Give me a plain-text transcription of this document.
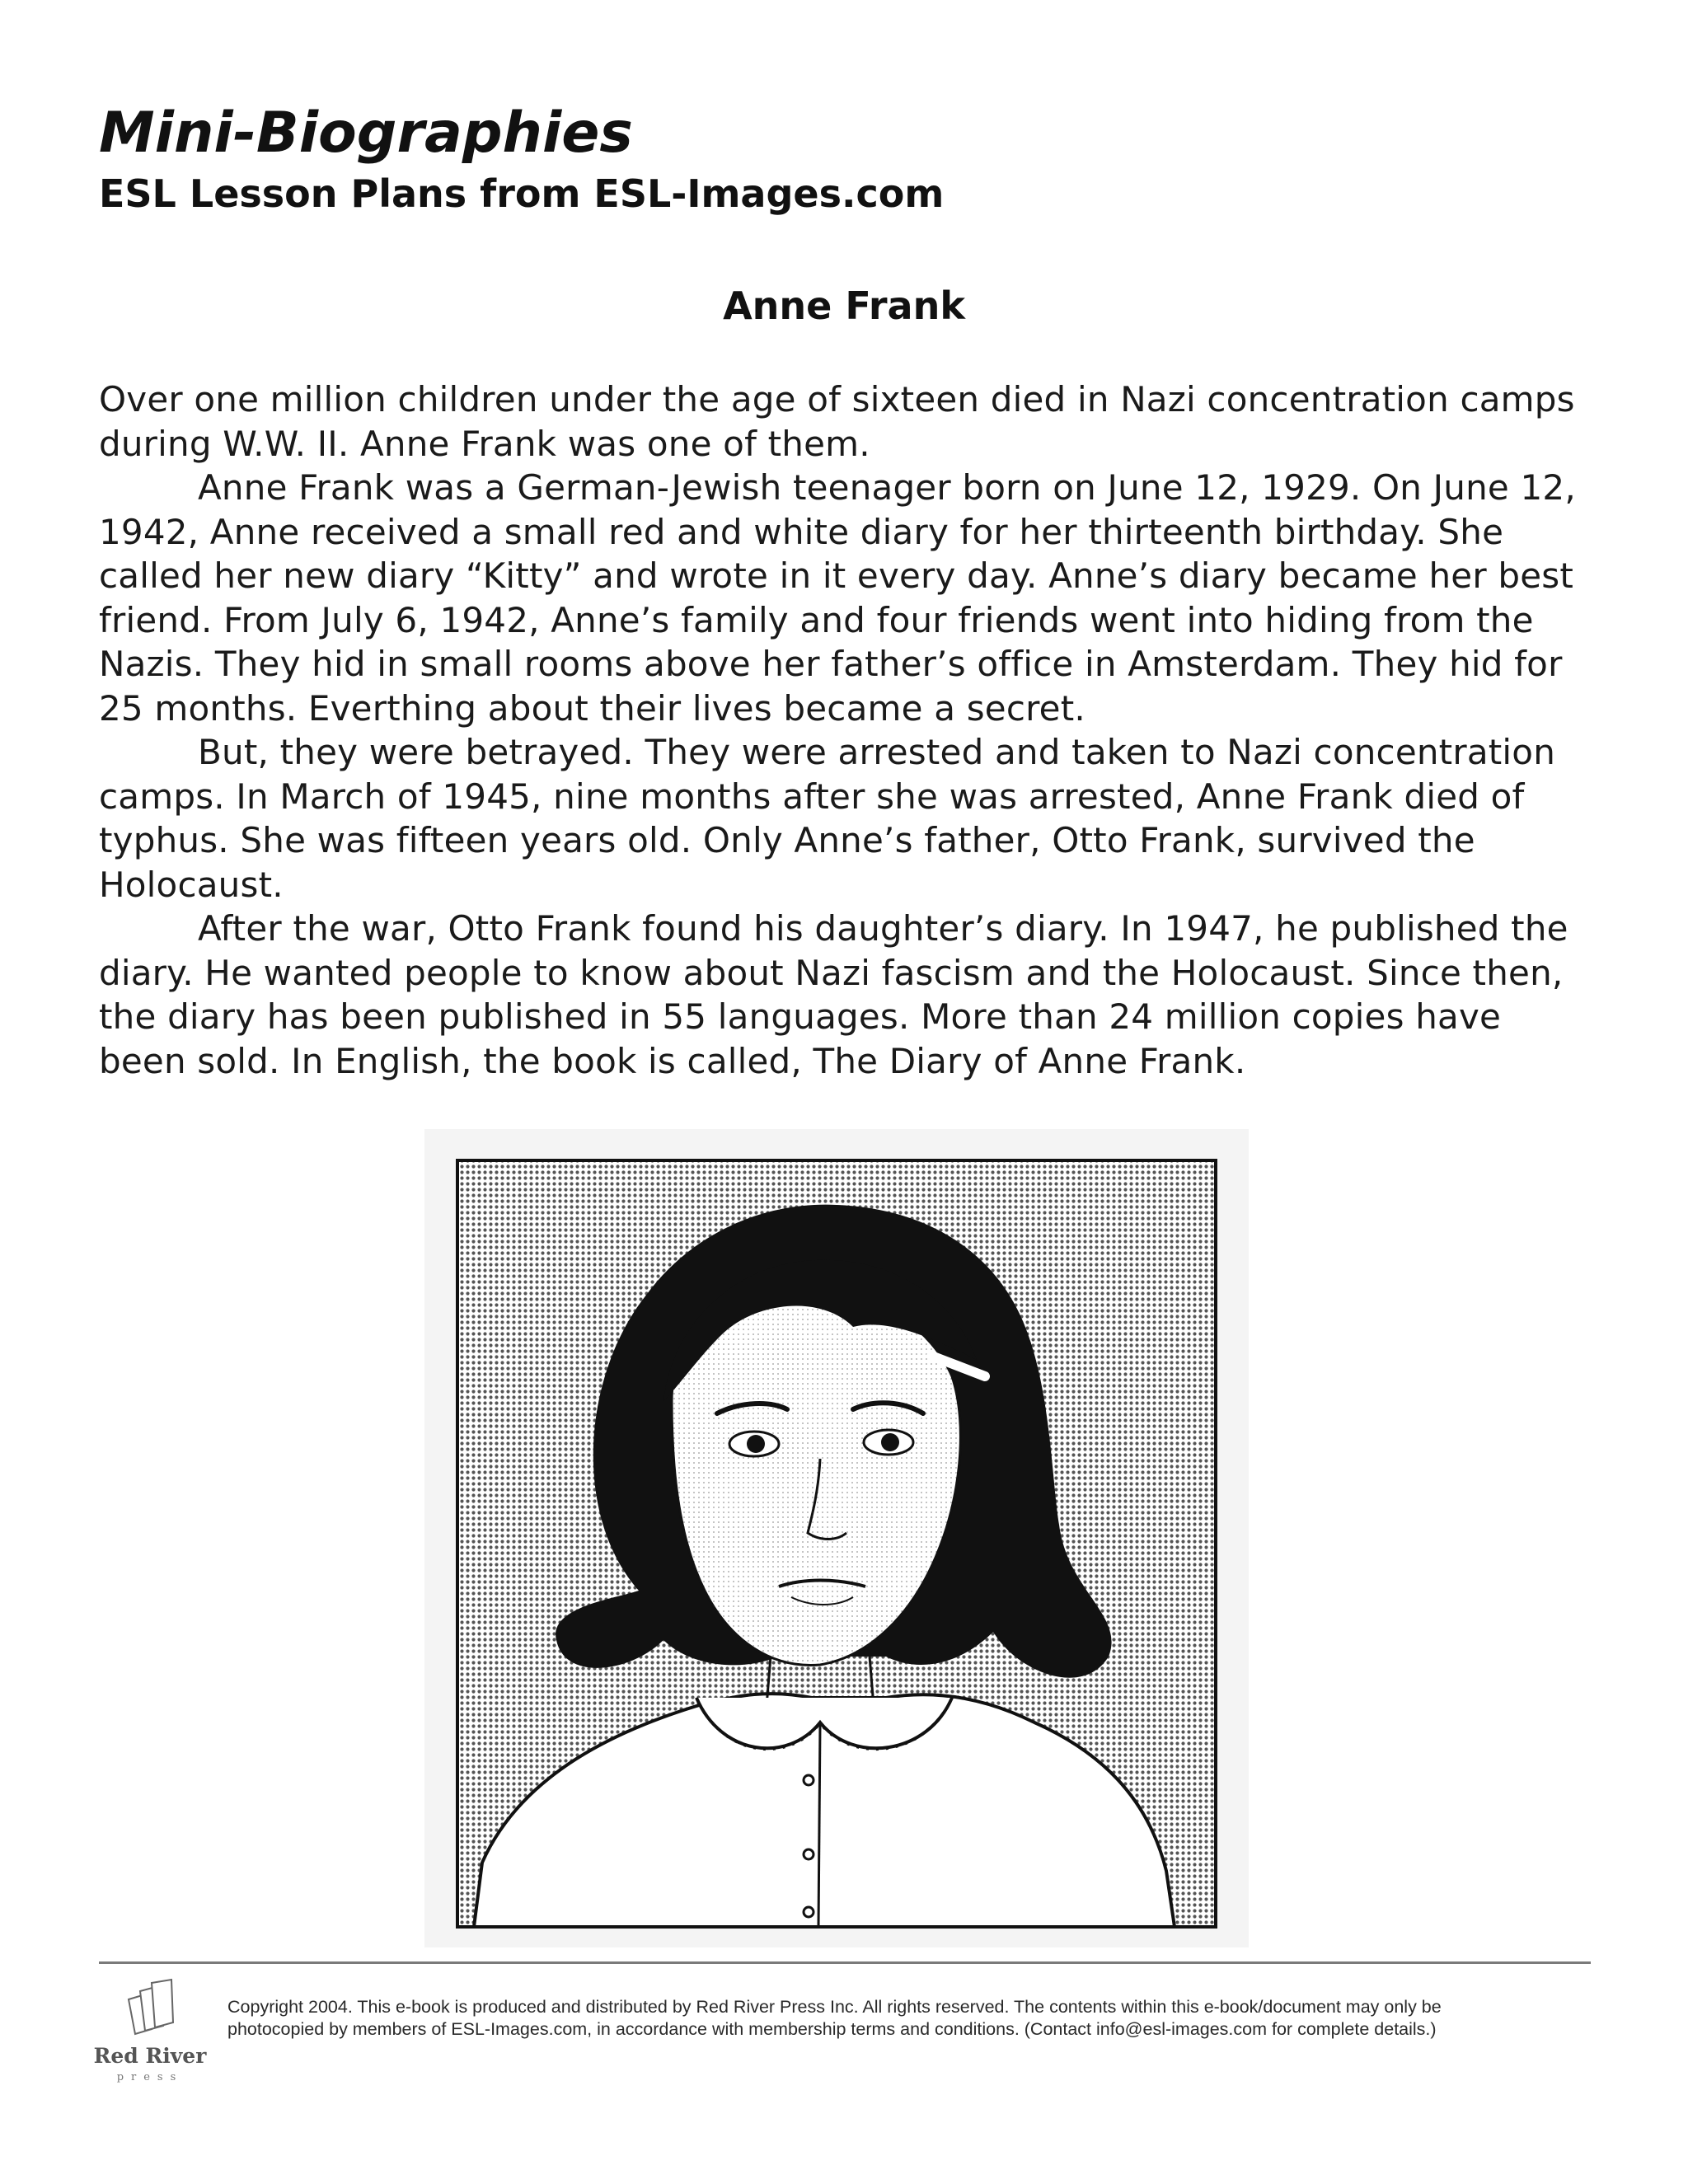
Mini-Biographies
ESL Lesson Plans from ESL-Images.com
Anne Frank

Over one million children under the age of sixteen died in Nazi concentration camps during W.W. II. Anne Frank was one of them.

Anne Frank was a German-Jewish teenager born on June 12, 1929. On June 12, 1942, Anne received a small red and white diary for her thirteenth birthday. She called her new diary “Kitty” and wrote in it every day. Anne’s diary became her best friend. From July 6, 1942, Anne’s family and four friends went into hiding from the Nazis. They hid in small rooms above her father’s office in Amsterdam. They hid for 25 months. Everthing about their lives became a secret.

But, they were betrayed. They were arrested and taken to Nazi concentration camps. In March of 1945, nine months after she was arrested, Anne Frank died of typhus. She was fifteen years old. Only Anne’s father, Otto Frank, survived the Holocaust.

After the war, Otto Frank found his daughter’s diary. In 1947, he published the diary. He wanted people to know about Nazi fascism and the Holocaust. Since then, the diary has been published in 55 languages. More than 24 million copies have been sold. In English, the book is called, The Diary of Anne Frank.

Red River
press
Copyright 2004. This e-book is produced and distributed by Red River Press Inc. All rights reserved. The contents within this e-book/document may only be
photocopied by members of ESL-Images.com, in accordance with membership terms and conditions. (Contact info@esl-images.com for complete details.)
